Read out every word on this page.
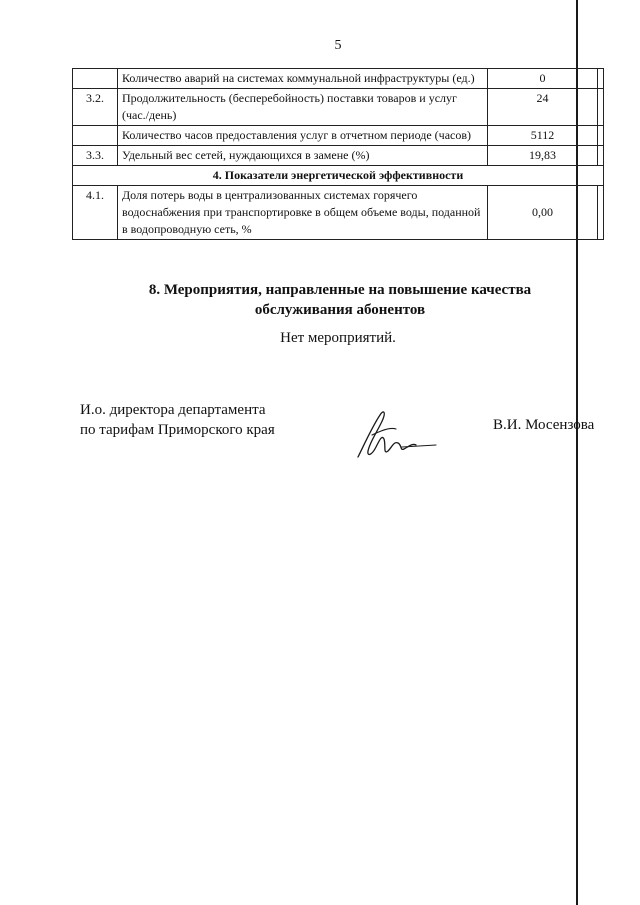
5
	Количество аварий на системах коммунальной инфраструктуры (ед.)	0	
3.2.	Продолжительность (бесперебойность) поставки товаров и услуг (час./день)	24	
	Количество часов предоставления услуг в отчетном периоде (часов)	5112	
3.3.	Удельный вес сетей, нуждающихся в замене (%)	19,83	
4. Показатели энергетической эффективности			
4.1.	Доля потерь воды в централизованных системах горячего водоснабжения при транспортировке в общем объеме воды, поданной в водопроводную сеть, %	0,00	
8. Мероприятия, направленные на повышение качества
обслуживания абонентов
Нет мероприятий.
И.о. директора департамента
по тарифам Приморского края	В.И. Мосензова
